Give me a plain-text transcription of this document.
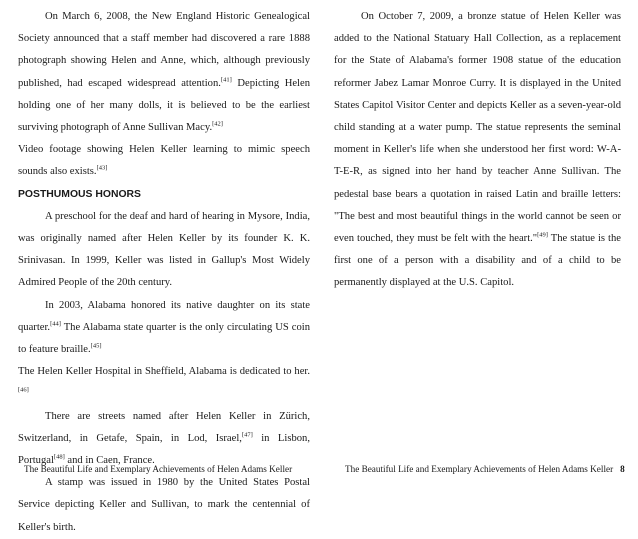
On March 6, 2008, the New England Historic Genealogical Society announced that a staff member had discovered a rare 1888 photograph showing Helen and Anne, which, although previously published, had escaped widespread attention.[41] Depicting Helen holding one of her many dolls, it is believed to be the earliest surviving photograph of Anne Sullivan Macy.[42]

Video footage showing Helen Keller learning to mimic speech sounds also exists.[43]

POSTHUMOUS HONORS

A preschool for the deaf and hard of hearing in Mysore, India, was originally named after Helen Keller by its founder K. K. Srinivasan. In 1999, Keller was listed in Gallup's Most Widely Admired People of the 20th century.

In 2003, Alabama honored its native daughter on its state quarter.[44] The Alabama state quarter is the only circulating US coin to feature braille.[45]

The Helen Keller Hospital in Sheffield, Alabama is dedicated to her.[46]

There are streets named after Helen Keller in Zürich, Switzerland, in Getafe, Spain, in Lod, Israel,[47] in Lisbon, Portugal[48] and in Caen, France.

A stamp was issued in 1980 by the United States Postal Service depicting Keller and Sullivan, to mark the centennial of Keller's birth.

On October 7, 2009, a bronze statue of Helen Keller was added to the National Statuary Hall Collection, as a replacement for the State of Alabama's former 1908 statue of the education reformer Jabez Lamar Monroe Curry. It is displayed in the United States Capitol Visitor Center and depicts Keller as a seven-year-old child standing at a water pump. The statue represents the seminal moment in Keller's life when she understood her first word: W-A-T-E-R, as signed into her hand by teacher Anne Sullivan. The pedestal base bears a quotation in raised Latin and braille letters: "The best and most beautiful things in the world cannot be seen or even touched, they must be felt with the heart."[49] The statue is the first one of a person with a disability and of a child to be permanently displayed at the U.S. Capitol.

The Beautiful Life and Exemplary Achievements of Helen Adams Keller	The Beautiful Life and Exemplary Achievements of Helen Adams Keller 8
